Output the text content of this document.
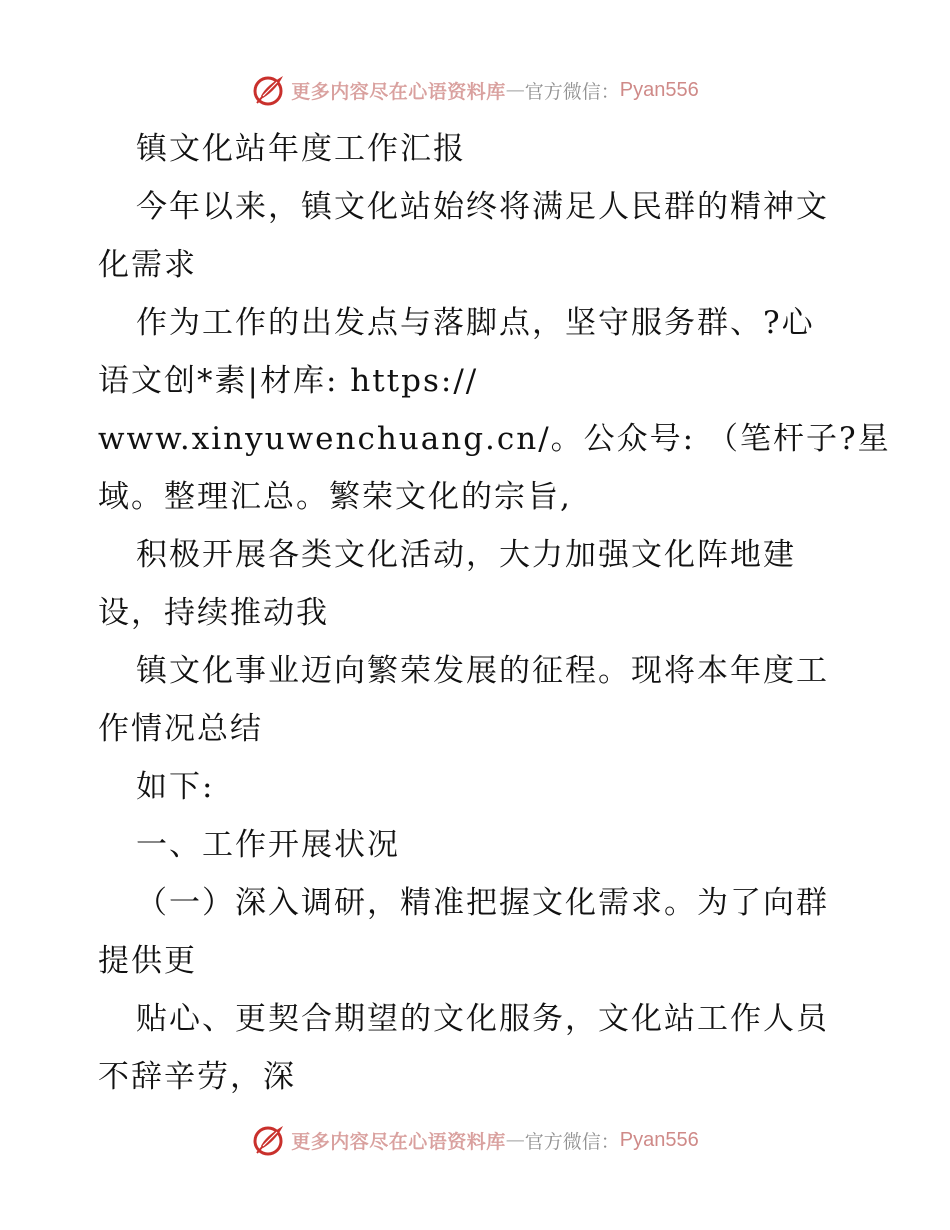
更多内容尽在心语资料库 — 官方微信： Pyan556
镇文化站年度工作汇报
今年以来，镇文化站始终将满足人民群的精神文
化需求
作为工作的出发点与落脚点，坚守服务群、?心
语文创*素|材库: https://
www.xinyuwenchuang.cn/。公众号: （笔杆子?星
域。整理汇总。繁荣文化的宗旨,
积极开展各类文化活动，大力加强文化阵地建
设，持续推动我
镇文化事业迈向繁荣发展的征程。现将本年度工
作情况总结
如下:
一、工作开展状况
（一）深入调研，精准把握文化需求。为了向群
提供更
贴心、更契合期望的文化服务，文化站工作人员
不辞辛劳，深
更多内容尽在心语资料库 — 官方微信： Pyan556
